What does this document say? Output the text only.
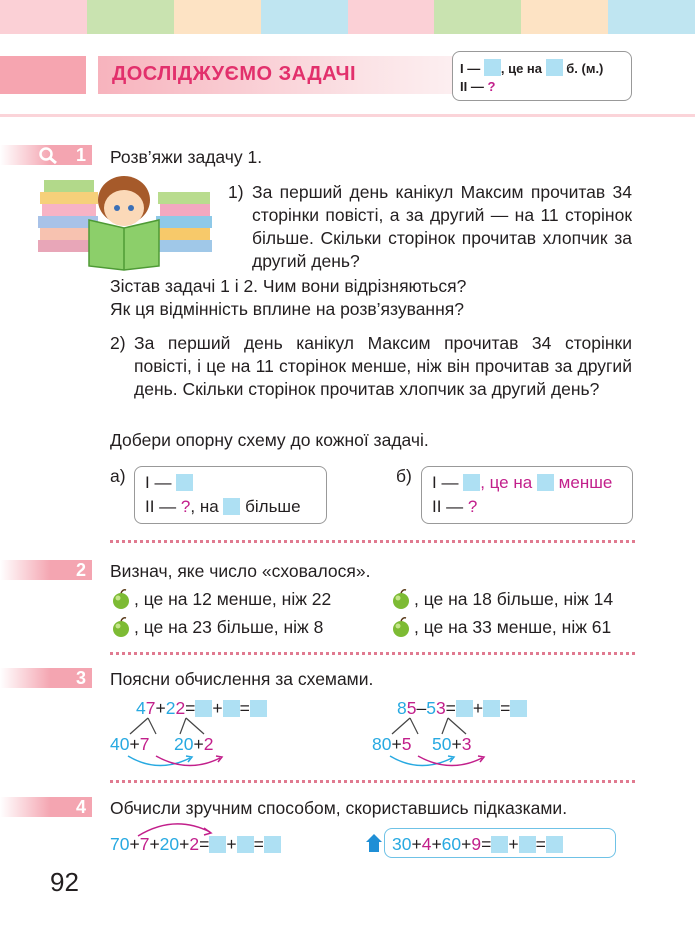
ДОСЛІДЖУЄМО ЗАДАЧІ	І — , це на б. (м.)
ІІ — ?
1 Розв’яжи задачу 1.
1) За перший день канікул Максим прочитав 34 сторінки повісті, а за другий — на 11 сторінок більше. Скільки сторінок прочитав хлопчик за другий день?
Зістав задачі 1 і 2. Чим вони відрізняються?
Як ця відмінність вплине на розв’язування?
2) За перший день канікул Максим прочитав 34 сторінки повісті, і це на 11 сторінок менше, ніж він прочитав за другий день. Скільки сторінок прочитав хлопчик за другий день?
Добери опорну схему до кожної задачі.
а) І —
ІІ — ?, на більше
б) І — , це на менше
ІІ — ?
2 Визнач, яке число «сховалося».
, це на 12 менше, ніж 22	, це на 18 більше, ніж 14
, це на 23 більше, ніж 8	, це на 33 менше, ніж 61
3 Поясни обчислення за схемами.
47+22= + =
40+7 20+2
85–53= + =
80+5 50+3
4 Обчисли зручним способом, скориставшись підказками.
70+7+20+2= + =	30+4+60+9= + =
92
